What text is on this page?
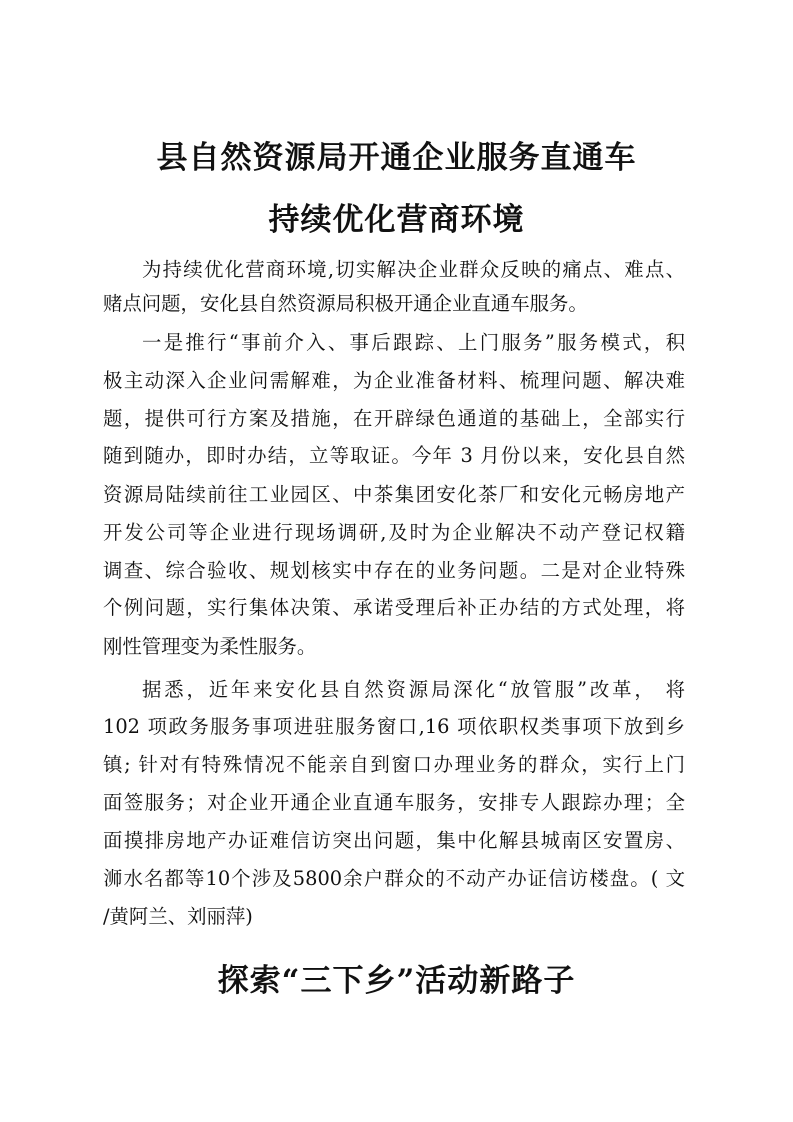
县自然资源局开通企业服务直通车
持续优化营商环境
为持续优化营商环境,切实解决企业群众反映的痛点、难点、
赌点问题，安化县自然资源局积极开通企业直通车服务。
一是推行“事前介入、事后跟踪、上门服务”服务模式，积
极主动深入企业问需解难，为企业准备材料、梳理问题、解决难
题，提供可行方案及措施，在开辟绿色通道的基础上，全部实行
随到随办，即时办结，立等取证。今年 3 月份以来，安化县自然
资源局陆续前往工业园区、中茶集团安化茶厂和安化元畅房地产
开发公司等企业进行现场调研,及时为企业解决不动产登记权籍
调查、综合验收、规划核实中存在的业务问题。二是对企业特殊
个例问题，实行集体决策、承诺受理后补正办结的方式处理，将
刚性管理变为柔性服务。
据悉，近年来安化县自然资源局深化“放管服”改革， 将
102 项政务服务事项进驻服务窗口,16 项依职权类事项下放到乡
镇; 针对有特殊情况不能亲自到窗口办理业务的群众，实行上门
面签服务；对企业开通企业直通车服务，安排专人跟踪办理；全
面摸排房地产办证难信访突出问题，集中化解县城南区安置房、
浉水名都等10个涉及5800余户群众的不动产办证信访楼盘。( 文
/黄阿兰、刘丽萍)
探索“三下乡”活动新路子
